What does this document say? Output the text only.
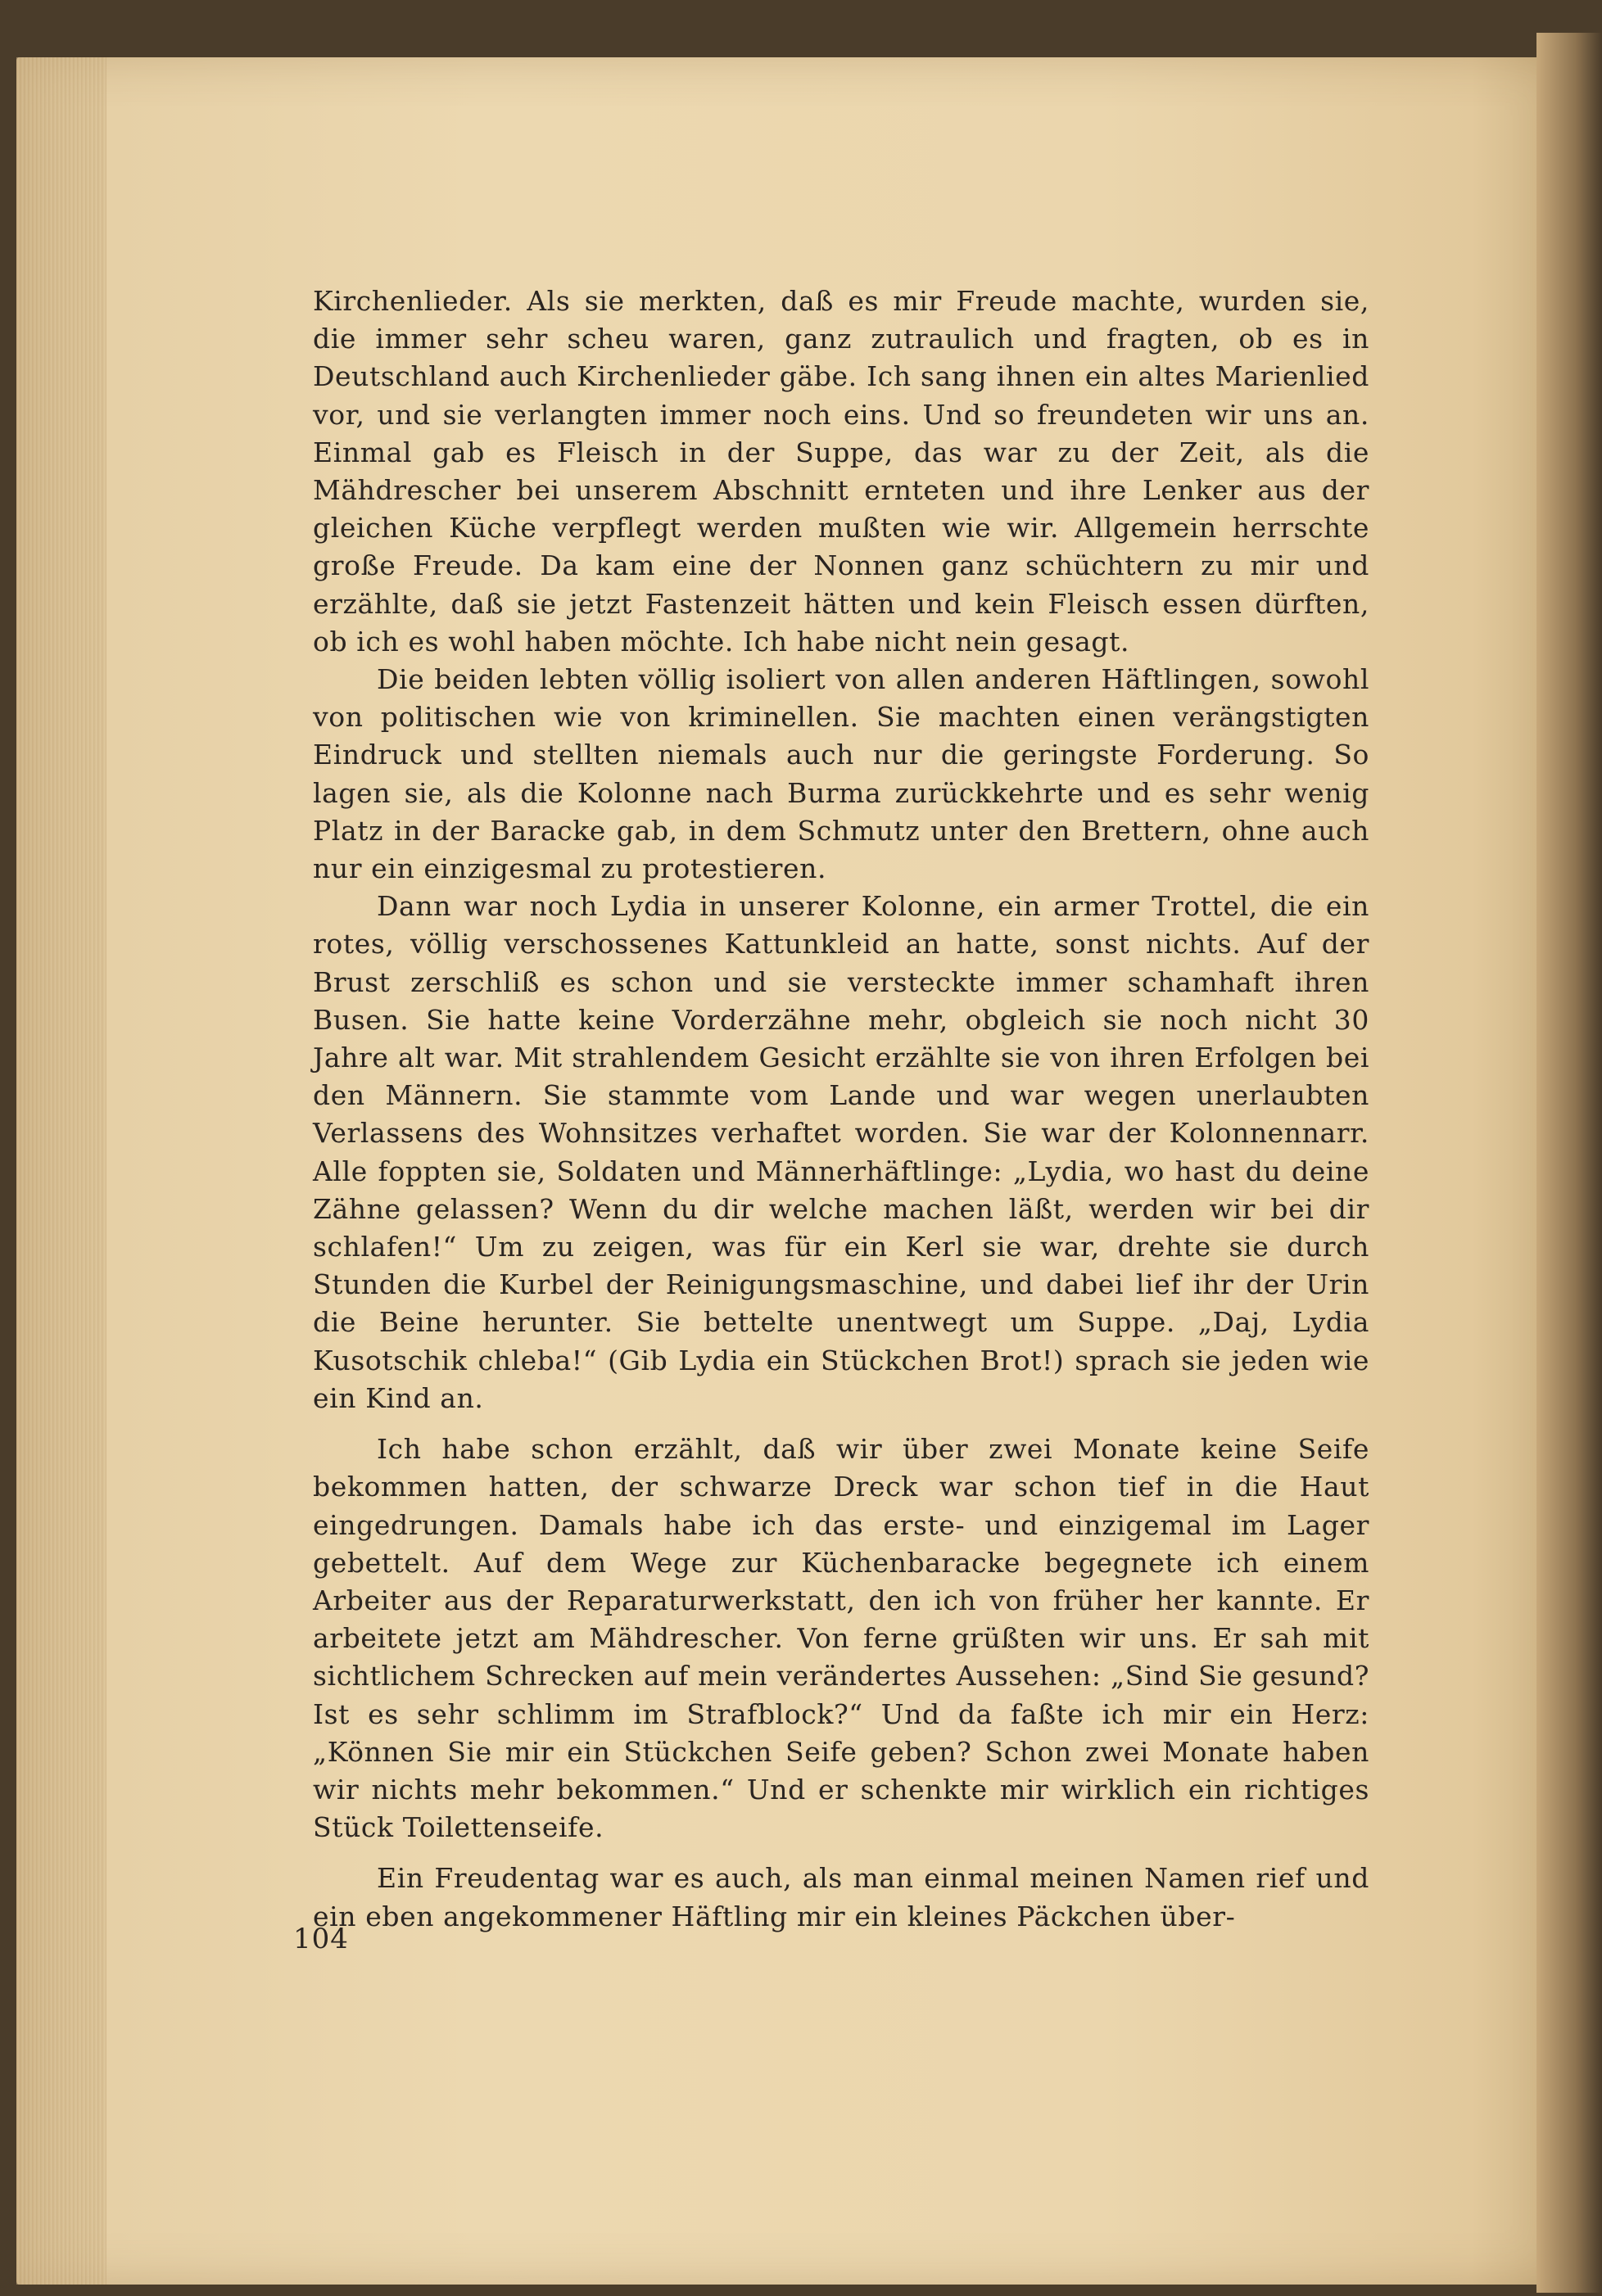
Kirchenlieder. Als sie merkten, daß es mir Freude machte, wurden sie, die immer sehr scheu waren, ganz zutraulich und fragten, ob es in Deutschland auch Kirchenlieder gäbe. Ich sang ihnen ein altes Marienlied vor, und sie verlangten immer noch eins. Und so freundeten wir uns an. Einmal gab es Fleisch in der Suppe, das war zu der Zeit, als die Mähdrescher bei unserem Abschnitt ernteten und ihre Lenker aus der gleichen Küche verpflegt werden mußten wie wir. Allgemein herrschte große Freude. Da kam eine der Nonnen ganz schüchtern zu mir und erzählte, daß sie jetzt Fastenzeit hätten und kein Fleisch essen dürften, ob ich es wohl haben möchte. Ich habe nicht nein gesagt.

Die beiden lebten völlig isoliert von allen anderen Häftlingen, sowohl von politischen wie von kriminellen. Sie machten einen verängstigten Eindruck und stellten niemals auch nur die geringste Forderung. So lagen sie, als die Kolonne nach Burma zurückkehrte und es sehr wenig Platz in der Baracke gab, in dem Schmutz unter den Brettern, ohne auch nur ein einzigesmal zu protestieren.

Dann war noch Lydia in unserer Kolonne, ein armer Trottel, die ein rotes, völlig verschossenes Kattunkleid an hatte, sonst nichts. Auf der Brust zerschliß es schon und sie versteckte immer schamhaft ihren Busen. Sie hatte keine Vorderzähne mehr, obgleich sie noch nicht 30 Jahre alt war. Mit strahlendem Gesicht erzählte sie von ihren Erfolgen bei den Männern. Sie stammte vom Lande und war wegen unerlaubten Verlassens des Wohnsitzes verhaftet worden. Sie war der Kolonnennarr. Alle foppten sie, Soldaten und Männerhäftlinge: „Lydia, wo hast du deine Zähne gelassen? Wenn du dir welche machen läßt, werden wir bei dir schlafen!“ Um zu zeigen, was für ein Kerl sie war, drehte sie durch Stunden die Kurbel der Reinigungsmaschine, und dabei lief ihr der Urin die Beine herunter. Sie bettelte unentwegt um Suppe. „Daj, Lydia Kusotschik chleba!“ (Gib Lydia ein Stückchen Brot!) sprach sie jeden wie ein Kind an.

Ich habe schon erzählt, daß wir über zwei Monate keine Seife bekommen hatten, der schwarze Dreck war schon tief in die Haut eingedrungen. Damals habe ich das erste- und einzigemal im Lager gebettelt. Auf dem Wege zur Küchenbaracke begegnete ich einem Arbeiter aus der Reparaturwerkstatt, den ich von früher her kannte. Er arbeitete jetzt am Mähdrescher. Von ferne grüßten wir uns. Er sah mit sichtlichem Schrecken auf mein verändertes Aussehen: „Sind Sie gesund? Ist es sehr schlimm im Strafblock?“ Und da faßte ich mir ein Herz: „Können Sie mir ein Stückchen Seife geben? Schon zwei Monate haben wir nichts mehr bekommen.“ Und er schenkte mir wirklich ein richtiges Stück Toilettenseife.

Ein Freudentag war es auch, als man einmal meinen Namen rief und ein eben angekommener Häftling mir ein kleines Päckchen über-

104
